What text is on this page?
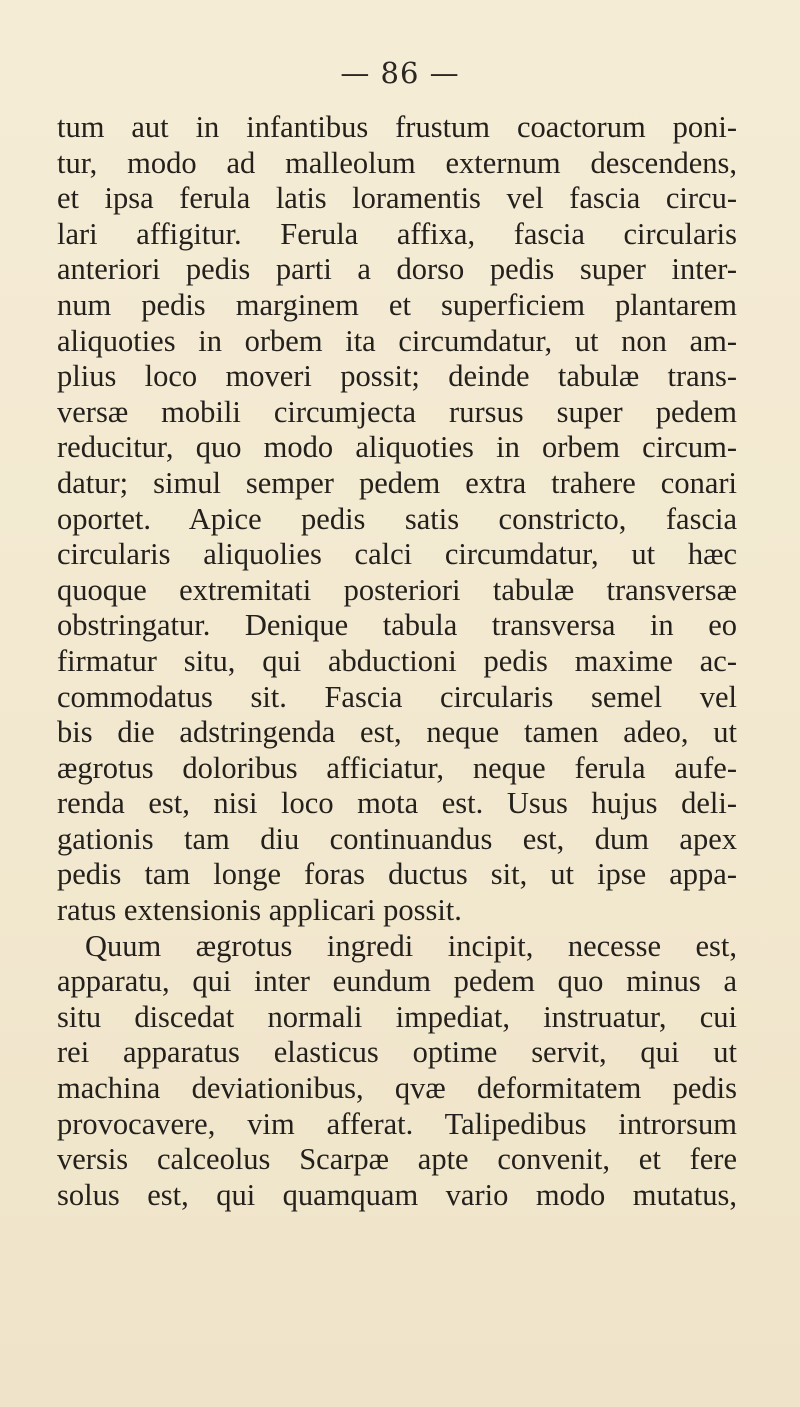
— 86 —
tum aut in infantibus frustum coactorum poni-
tur, modo ad malleolum externum descendens,
et ipsa ferula latis loramentis vel fascia circu-
lari affigitur. Ferula affixa, fascia circularis
anteriori pedis parti a dorso pedis super inter-
num pedis marginem et superficiem plantarem
aliquoties in orbem ita circumdatur, ut non am-
plius loco moveri possit; deinde tabulæ trans-
versæ mobili circumjecta rursus super pedem
reducitur, quo modo aliquoties in orbem circum-
datur; simul semper pedem extra trahere conari
oportet. Apice pedis satis constricto, fascia
circularis aliquolies calci circumdatur, ut hæc
quoque extremitati posteriori tabulæ transversæ
obstringatur. Denique tabula transversa in eo
firmatur situ, qui abductioni pedis maxime ac-
commodatus sit. Fascia circularis semel vel
bis die adstringenda est, neque tamen adeo, ut
ægrotus doloribus afficiatur, neque ferula aufe-
renda est, nisi loco mota est. Usus hujus deli-
gationis tam diu continuandus est, dum apex
pedis tam longe foras ductus sit, ut ipse appa-
ratus extensionis applicari possit.
Quum ægrotus ingredi incipit, necesse est,
apparatu, qui inter eundum pedem quo minus a
situ discedat normali impediat, instruatur, cui
rei apparatus elasticus optime servit, qui ut
machina deviationibus, qvæ deformitatem pedis
provocavere, vim afferat. Talipedibus introrsum
versis calceolus Scarpæ apte convenit, et fere
solus est, qui quamquam vario modo mutatus,
